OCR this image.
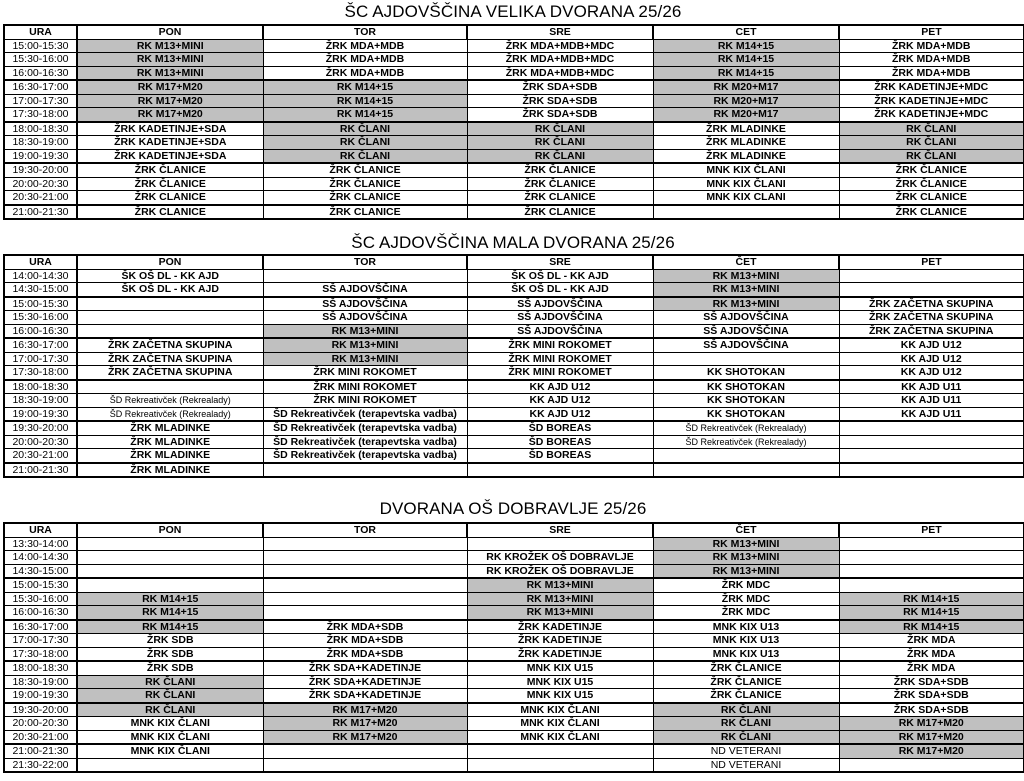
ŠC AJDOVŠČINA VELIKA DVORANA 25/26
URA	PON	TOR	SRE	CET	PET
15:00-15:30	RK M13+MINI	ŽRK MDA+MDB	ŽRK MDA+MDB+MDC	RK M14+15	ŽRK MDA+MDB
15:30-16:00	RK M13+MINI	ŽRK MDA+MDB	ŽRK MDA+MDB+MDC	RK M14+15	ŽRK MDA+MDB
16:00-16:30	RK M13+MINI	ŽRK MDA+MDB	ŽRK MDA+MDB+MDC	RK M14+15	ŽRK MDA+MDB
16:30-17:00	RK M17+M20	RK M14+15	ŽRK SDA+SDB	RK M20+M17	ŽRK KADETINJE+MDC
17:00-17:30	RK M17+M20	RK M14+15	ŽRK SDA+SDB	RK M20+M17	ŽRK KADETINJE+MDC
17:30-18:00	RK M17+M20	RK M14+15	ŽRK SDA+SDB	RK M20+M17	ŽRK KADETINJE+MDC
18:00-18:30	ŽRK KADETINJE+SDA	RK ČLANI	RK ČLANI	ŽRK MLADINKE	RK ČLANI
18:30-19:00	ŽRK KADETINJE+SDA	RK ČLANI	RK ČLANI	ŽRK MLADINKE	RK ČLANI
19:00-19:30	ŽRK KADETINJE+SDA	RK ČLANI	RK ČLANI	ŽRK MLADINKE	RK ČLANI
19:30-20:00	ŽRK ČLANICE	ŽRK ČLANICE	ŽRK ČLANICE	MNK KIX ČLANI	ŽRK ČLANICE
20:00-20:30	ŽRK ČLANICE	ŽRK ČLANICE	ŽRK ČLANICE	MNK KIX ČLANI	ŽRK ČLANICE
20:30-21:00	ŽRK CLANICE	ŽRK CLANICE	ŽRK CLANICE	MNK KIX CLANI	ŽRK CLANICE
21:00-21:30	ŽRK CLANICE	ŽRK CLANICE	ŽRK CLANICE		ŽRK CLANICE
ŠC AJDOVŠČINA MALA DVORANA 25/26
URA	PON	TOR	SRE	ČET	PET
14:00-14:30	ŠK OŠ DL - KK AJD		ŠK OŠ DL - KK AJD	RK M13+MINI	
14:30-15:00	ŠK OŠ DL - KK AJD	SŠ AJDOVŠČINA	ŠK OŠ DL - KK AJD	RK M13+MINI	
15:00-15:30		SŠ AJDOVŠČINA	SŠ AJDOVŠČINA	RK M13+MINI	ŽRK ZAČETNA SKUPINA
15:30-16:00		SŠ AJDOVŠČINA	SŠ AJDOVŠČINA	SŠ AJDOVŠČINA	ŽRK ZAČETNA SKUPINA
16:00-16:30		RK M13+MINI	SŠ AJDOVŠČINA	SŠ AJDOVŠČINA	ŽRK ZAČETNA SKUPINA
16:30-17:00	ŽRK ZAČETNA SKUPINA	RK M13+MINI	ŽRK MINI ROKOMET	SŠ AJDOVŠČINA	KK AJD U12
17:00-17:30	ŽRK ZAČETNA SKUPINA	RK M13+MINI	ŽRK MINI ROKOMET		KK AJD U12
17:30-18:00	ŽRK ZAČETNA SKUPINA	ŽRK MINI ROKOMET	ŽRK MINI ROKOMET	KK SHOTOKAN	KK AJD U12
18:00-18:30		ŽRK MINI ROKOMET	KK AJD U12	KK SHOTOKAN	KK AJD U11
18:30-19:00	ŠD Rekreativček (Rekrealady)	ŽRK MINI ROKOMET	KK AJD U12	KK SHOTOKAN	KK AJD U11
19:00-19:30	ŠD Rekreativček (Rekrealady)	ŠD Rekreativček (terapevtska vadba)	KK AJD U12	KK SHOTOKAN	KK AJD U11
19:30-20:00	ŽRK MLADINKE	ŠD Rekreativček (terapevtska vadba)	ŠD BOREAS	ŠD Rekreativček (Rekrealady)	
20:00-20:30	ŽRK MLADINKE	ŠD Rekreativček (terapevtska vadba)	ŠD BOREAS	ŠD Rekreativček (Rekrealady)	
20:30-21:00	ŽRK MLADINKE	ŠD Rekreativček (terapevtska vadba)	ŠD BOREAS		
21:00-21:30	ŽRK MLADINKE				
DVORANA OŠ DOBRAVLJE 25/26
URA	PON	TOR	SRE	ČET	PET
13:30-14:00				RK M13+MINI	
14:00-14:30			RK KROŽEK OŠ DOBRAVLJE	RK M13+MINI	
14:30-15:00			RK KROŽEK OŠ DOBRAVLJE	RK M13+MINI	
15:00-15:30			RK M13+MINI	ŽRK MDC	
15:30-16:00	RK M14+15		RK M13+MINI	ŽRK MDC	RK M14+15
16:00-16:30	RK M14+15		RK M13+MINI	ŽRK MDC	RK M14+15
16:30-17:00	RK M14+15	ŽRK MDA+SDB	ŽRK KADETINJE	MNK KIX U13	RK M14+15
17:00-17:30	ŽRK SDB	ŽRK MDA+SDB	ŽRK KADETINJE	MNK KIX U13	ŽRK MDA
17:30-18:00	ŽRK SDB	ŽRK MDA+SDB	ŽRK KADETINJE	MNK KIX U13	ŽRK MDA
18:00-18:30	ŽRK SDB	ŽRK SDA+KADETINJE	MNK KIX U15	ŽRK ČLANICE	ŽRK MDA
18:30-19:00	RK ČLANI	ŽRK SDA+KADETINJE	MNK KIX U15	ŽRK ČLANICE	ŽRK SDA+SDB
19:00-19:30	RK ČLANI	ŽRK SDA+KADETINJE	MNK KIX U15	ŽRK ČLANICE	ŽRK SDA+SDB
19:30-20:00	RK ČLANI	RK M17+M20	MNK KIX ČLANI	RK ČLANI	ŽRK SDA+SDB
20:00-20:30	MNK KIX ČLANI	RK M17+M20	MNK KIX ČLANI	RK ČLANI	RK M17+M20
20:30-21:00	MNK KIX ČLANI	RK M17+M20	MNK KIX ČLANI	RK ČLANI	RK M17+M20
21:00-21:30	MNK KIX ČLANI			ND VETERANI	RK M17+M20
21:30-22:00				ND VETERANI	
